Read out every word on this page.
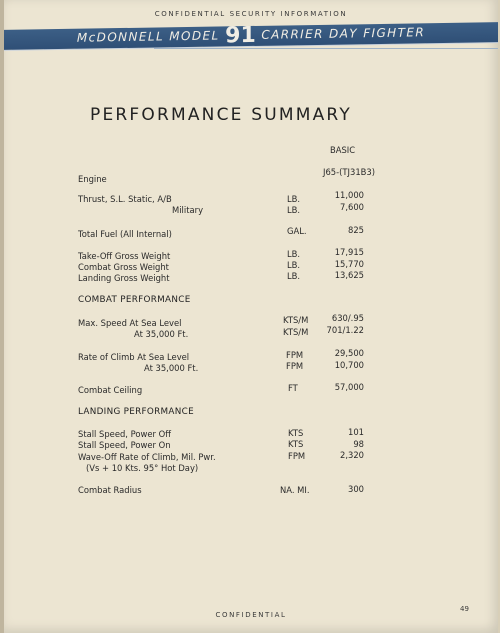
CONFIDENTIAL SECURITY INFORMATION
McDONNELL MODEL 91 CARRIER DAY FIGHTER
PERFORMANCE SUMMARY
BASIC
Engine
J65-(TJ31B3)
Thrust, S.L. Static, A/B	LB.	11,000
Military	LB.	7,600
Total Fuel (All Internal)	GAL.	825
Take-Off Gross Weight	LB.	17,915
Combat Gross Weight	LB.	15,770
Landing Gross Weight	LB.	13,625
COMBAT PERFORMANCE
Max. Speed At Sea Level	KTS/M	630/.95
At 35,000 Ft.	KTS/M	701/1.22
Rate of Climb At Sea Level	FPM	29,500
At 35,000 Ft.	FPM	10,700
Combat Ceiling	FT	57,000
LANDING PERFORMANCE
Stall Speed, Power Off	KTS	101
Stall Speed, Power On	KTS	98
Wave-Off Rate of Climb, Mil. Pwr.	FPM	2,320
(Vs + 10 Kts. 95° Hot Day)
Combat Radius	NA. MI.	300
CONFIDENTIAL
49
